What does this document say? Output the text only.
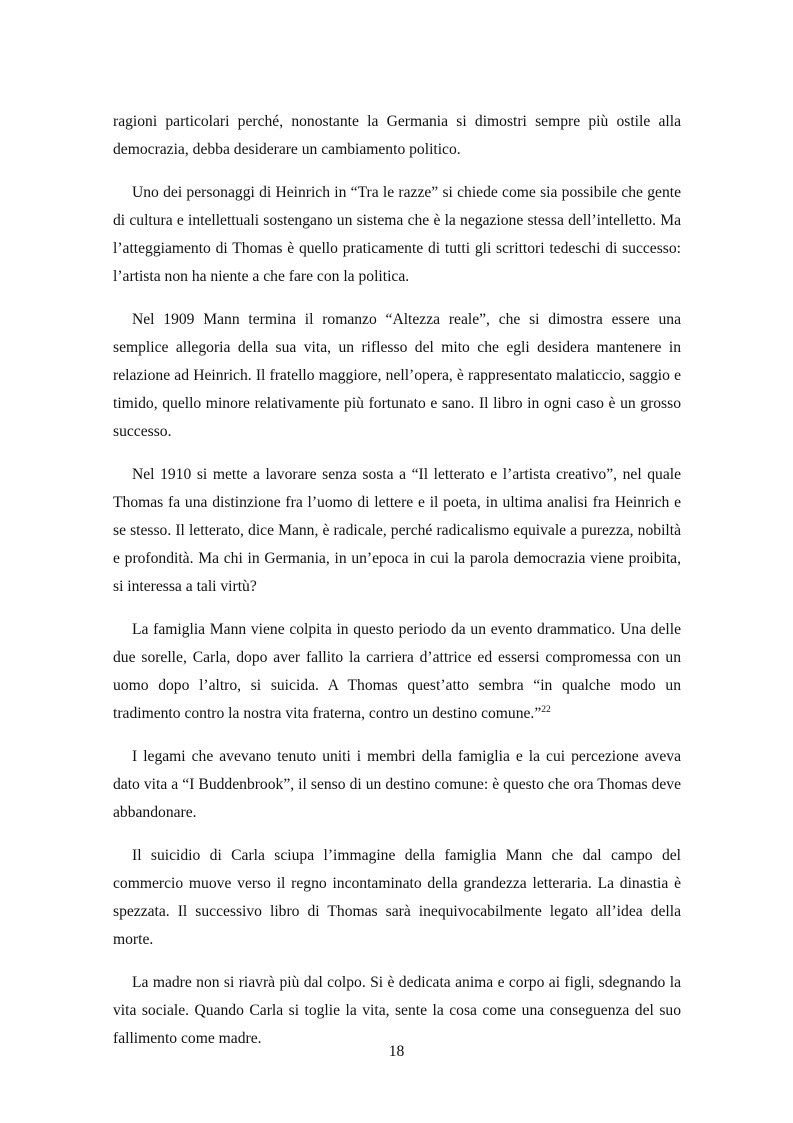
ragioni particolari perché, nonostante la Germania si dimostri sempre più ostile alla democrazia, debba desiderare un cambiamento politico.

Uno dei personaggi di Heinrich in “Tra le razze” si chiede come sia possibile che gente di cultura e intellettuali sostengano un sistema che è la negazione stessa dell’intelletto. Ma l’atteggiamento di Thomas è quello praticamente di tutti gli scrittori tedeschi di successo: l’artista non ha niente a che fare con la politica.

Nel 1909 Mann termina il romanzo “Altezza reale”, che si dimostra essere una semplice allegoria della sua vita, un riflesso del mito che egli desidera mantenere in relazione ad Heinrich. Il fratello maggiore, nell’opera, è rappresentato malaticcio, saggio e timido, quello minore relativamente più fortunato e sano. Il libro in ogni caso è un grosso successo.

Nel 1910 si mette a lavorare senza sosta a “Il letterato e l’artista creativo”, nel quale Thomas fa una distinzione fra l’uomo di lettere e il poeta, in ultima analisi fra Heinrich e se stesso. Il letterato, dice Mann, è radicale, perché radicalismo equivale a purezza, nobiltà e profondità. Ma chi in Germania, in un’epoca in cui la parola democrazia viene proibita, si interessa a tali virtù?

La famiglia Mann viene colpita in questo periodo da un evento drammatico. Una delle due sorelle, Carla, dopo aver fallito la carriera d’attrice ed essersi compromessa con un uomo dopo l’altro, si suicida. A Thomas quest’atto sembra “in qualche modo un tradimento contro la nostra vita fraterna, contro un destino comune.”$^{22}$

I legami che avevano tenuto uniti i membri della famiglia e la cui percezione aveva dato vita a “I Buddenbrook”, il senso di un destino comune: è questo che ora Thomas deve abbandonare.

Il suicidio di Carla sciupa l’immagine della famiglia Mann che dal campo del commercio muove verso il regno incontaminato della grandezza letteraria. La dinastia è spezzata. Il successivo libro di Thomas sarà inequivocabilmente legato all’idea della morte.

La madre non si riavrà più dal colpo. Si è dedicata anima e corpo ai figli, sdegnando la vita sociale. Quando Carla si toglie la vita, sente la cosa come una conseguenza del suo fallimento come madre.

18
